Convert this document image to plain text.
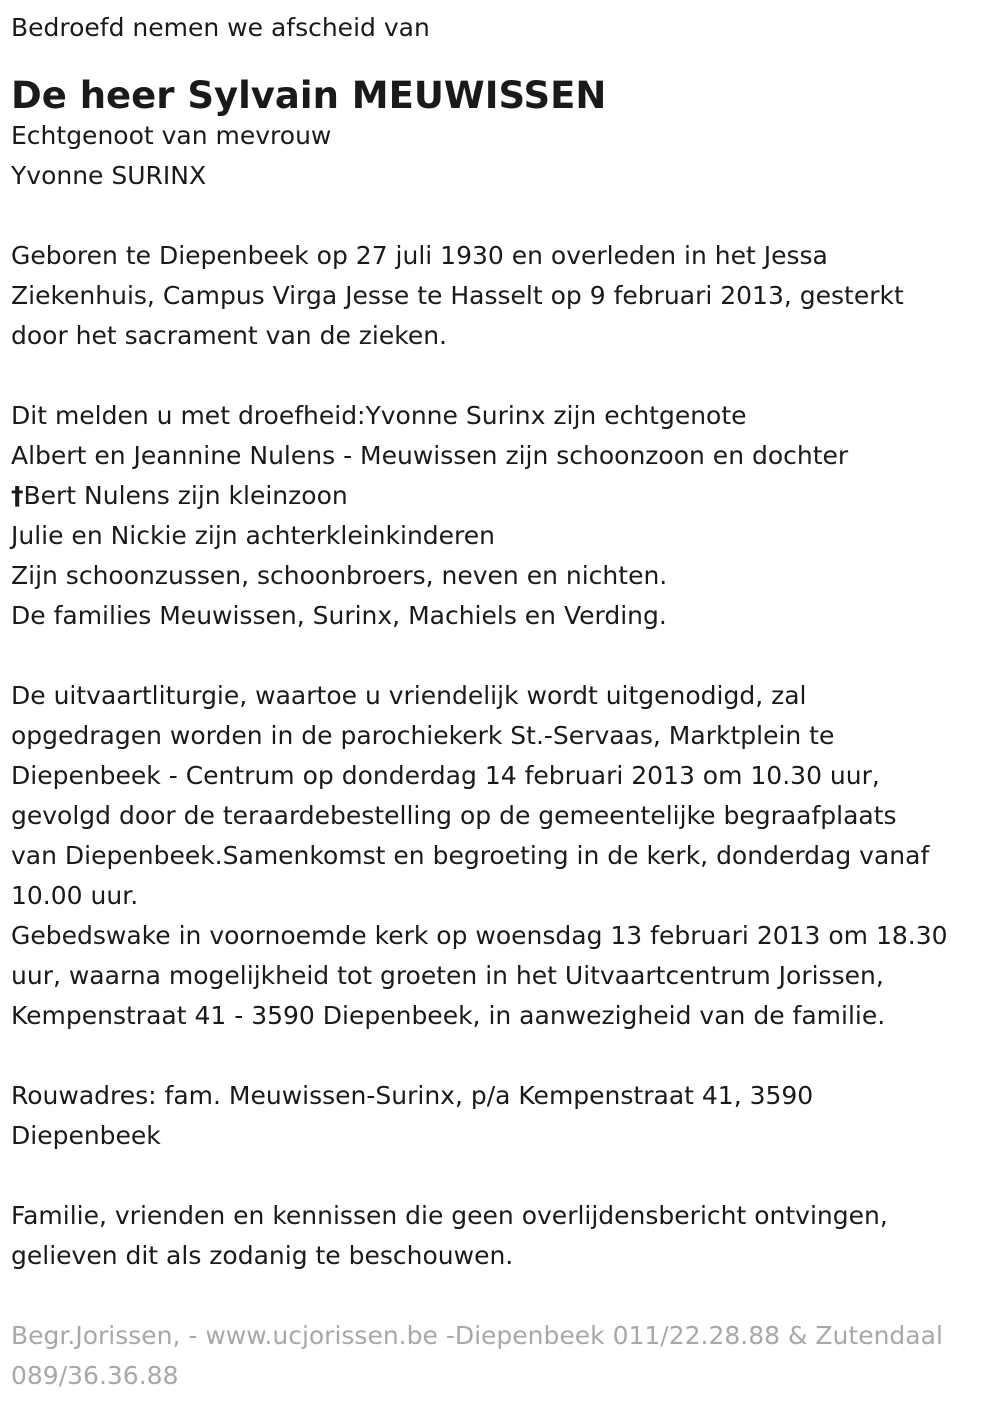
Bedroefd nemen we afscheid van

De heer Sylvain MEUWISSEN

Echtgenoot van mevrouw

Yvonne SURINX

Geboren te Diepenbeek op 27 juli 1930 en overleden in het Jessa

Ziekenhuis, Campus Virga Jesse te Hasselt op 9 februari 2013, gesterkt

door het sacrament van de zieken.

Dit melden u met droefheid:Yvonne Surinx zijn echtgenote

Albert en Jeannine Nulens - Meuwissen zijn schoonzoon en dochter

†Bert Nulens zijn kleinzoon

Julie en Nickie zijn achterkleinkinderen

Zijn schoonzussen, schoonbroers, neven en nichten.

De families Meuwissen, Surinx, Machiels en Verding.

De uitvaartliturgie, waartoe u vriendelijk wordt uitgenodigd, zal

opgedragen worden in de parochiekerk St.-Servaas, Marktplein te

Diepenbeek - Centrum op donderdag 14 februari 2013 om 10.30 uur,

gevolgd door de teraardebestelling op de gemeentelijke begraafplaats

van Diepenbeek.Samenkomst en begroeting in de kerk, donderdag vanaf

10.00 uur.

Gebedswake in voornoemde kerk op woensdag 13 februari 2013 om 18.30

uur, waarna mogelijkheid tot groeten in het Uitvaartcentrum Jorissen,

Kempenstraat 41 - 3590 Diepenbeek, in aanwezigheid van de familie.

Rouwadres: fam. Meuwissen-Surinx, p/a Kempenstraat 41, 3590

Diepenbeek

Familie, vrienden en kennissen die geen overlijdensbericht ontvingen,

gelieven dit als zodanig te beschouwen.

Begr.Jorissen, - www.ucjorissen.be -Diepenbeek 011/22.28.88 & Zutendaal

089/36.36.88
